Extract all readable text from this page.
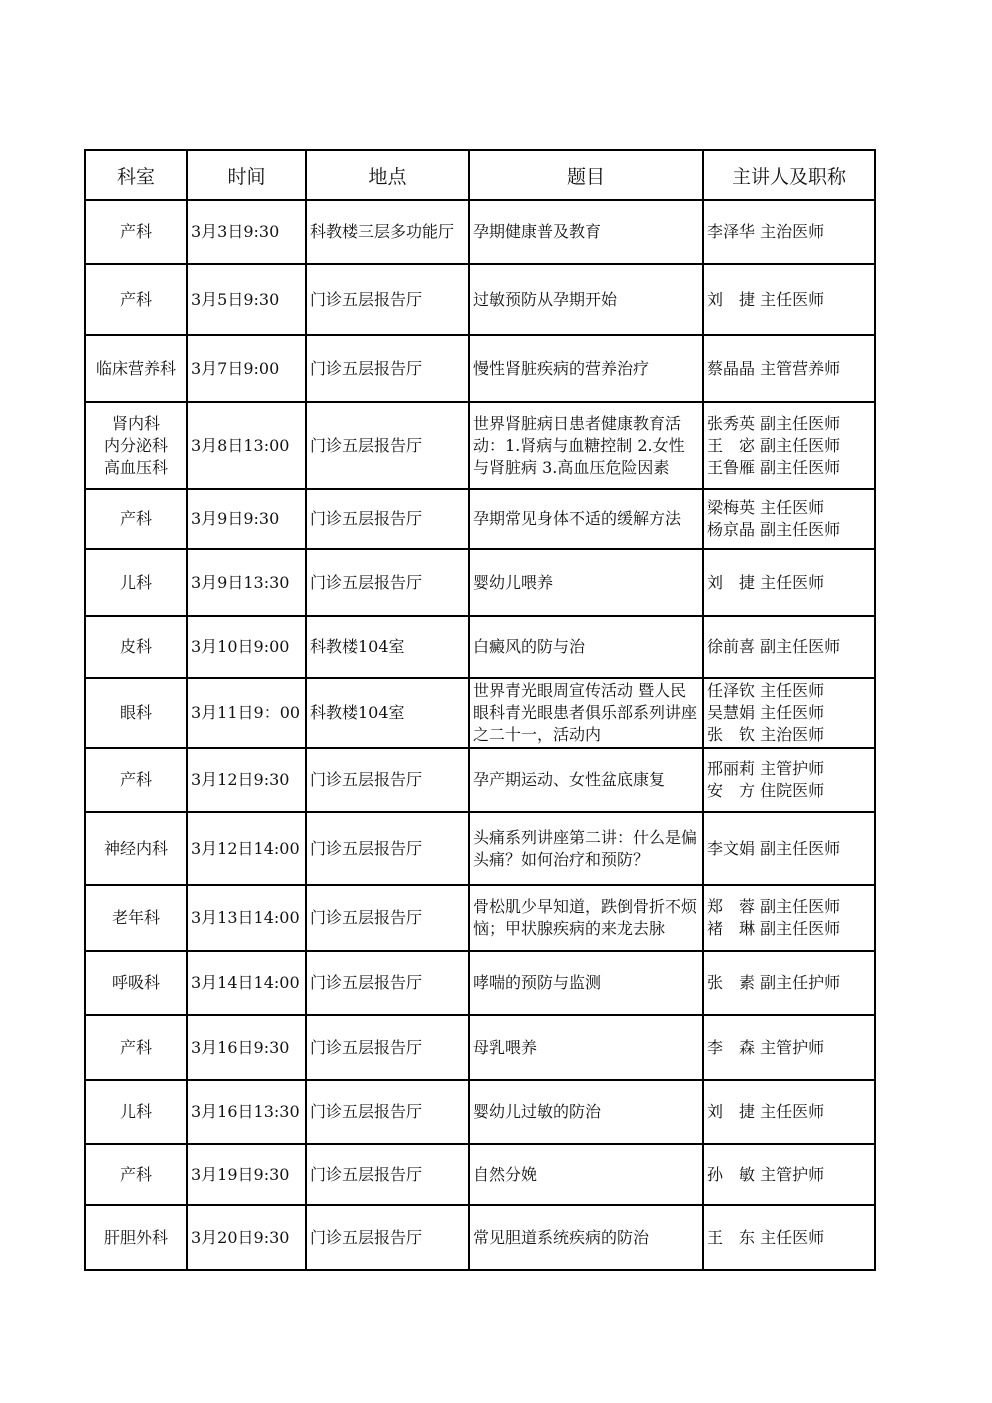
科室	时间	地点	题目	主讲人及职称

产科	3月3日9:30	科教楼三层多功能厅	孕期健康普及教育	李泽华 主治医师

产科	3月5日9:30	门诊五层报告厅	过敏预防从孕期开始	刘　捷 主任医师

临床营养科	3月7日9:00	门诊五层报告厅	慢性肾脏疾病的营养治疗	蔡晶晶 主管营养师

肾内科
内分泌科
高血压科	3月8日13:00	门诊五层报告厅	世界肾脏病日患者健康教育活动：1.肾病与血糖控制 2.女性与肾脏病 3.高血压危险因素	张秀英 副主任医师
王　宓 副主任医师
王鲁雁 副主任医师

产科	3月9日9:30	门诊五层报告厅	孕期常见身体不适的缓解方法	梁梅英 主任医师
杨京晶 副主任医师

儿科	3月9日13:30	门诊五层报告厅	婴幼儿喂养	刘　捷 主任医师

皮科	3月10日9:00	科教楼104室	白癜风的防与治	徐前喜 副主任医师

眼科	3月11日9：00	科教楼104室	世界青光眼周宣传活动 暨人民眼科青光眼患者俱乐部系列讲座之二十一，活动内	任泽钦 主任医师
吴慧娟 主任医师
张　钦 主治医师

产科	3月12日9:30	门诊五层报告厅	孕产期运动、女性盆底康复	邢丽莉 主管护师
安　方 住院医师

神经内科	3月12日14:00	门诊五层报告厅	头痛系列讲座第二讲：什么是偏头痛？如何治疗和预防？	李文娟 副主任医师

老年科	3月13日14:00	门诊五层报告厅	骨松肌少早知道，跌倒骨折不烦恼；甲状腺疾病的来龙去脉	郑　蓉 副主任医师
褚　琳 副主任医师

呼吸科	3月14日14:00	门诊五层报告厅	哮喘的预防与监测	张　素 副主任护师

产科	3月16日9:30	门诊五层报告厅	母乳喂养	李　森 主管护师

儿科	3月16日13:30	门诊五层报告厅	婴幼儿过敏的防治	刘　捷 主任医师

产科	3月19日9:30	门诊五层报告厅	自然分娩	孙　敏 主管护师

肝胆外科	3月20日9:30	门诊五层报告厅	常见胆道系统疾病的防治	王　东 主任医师
